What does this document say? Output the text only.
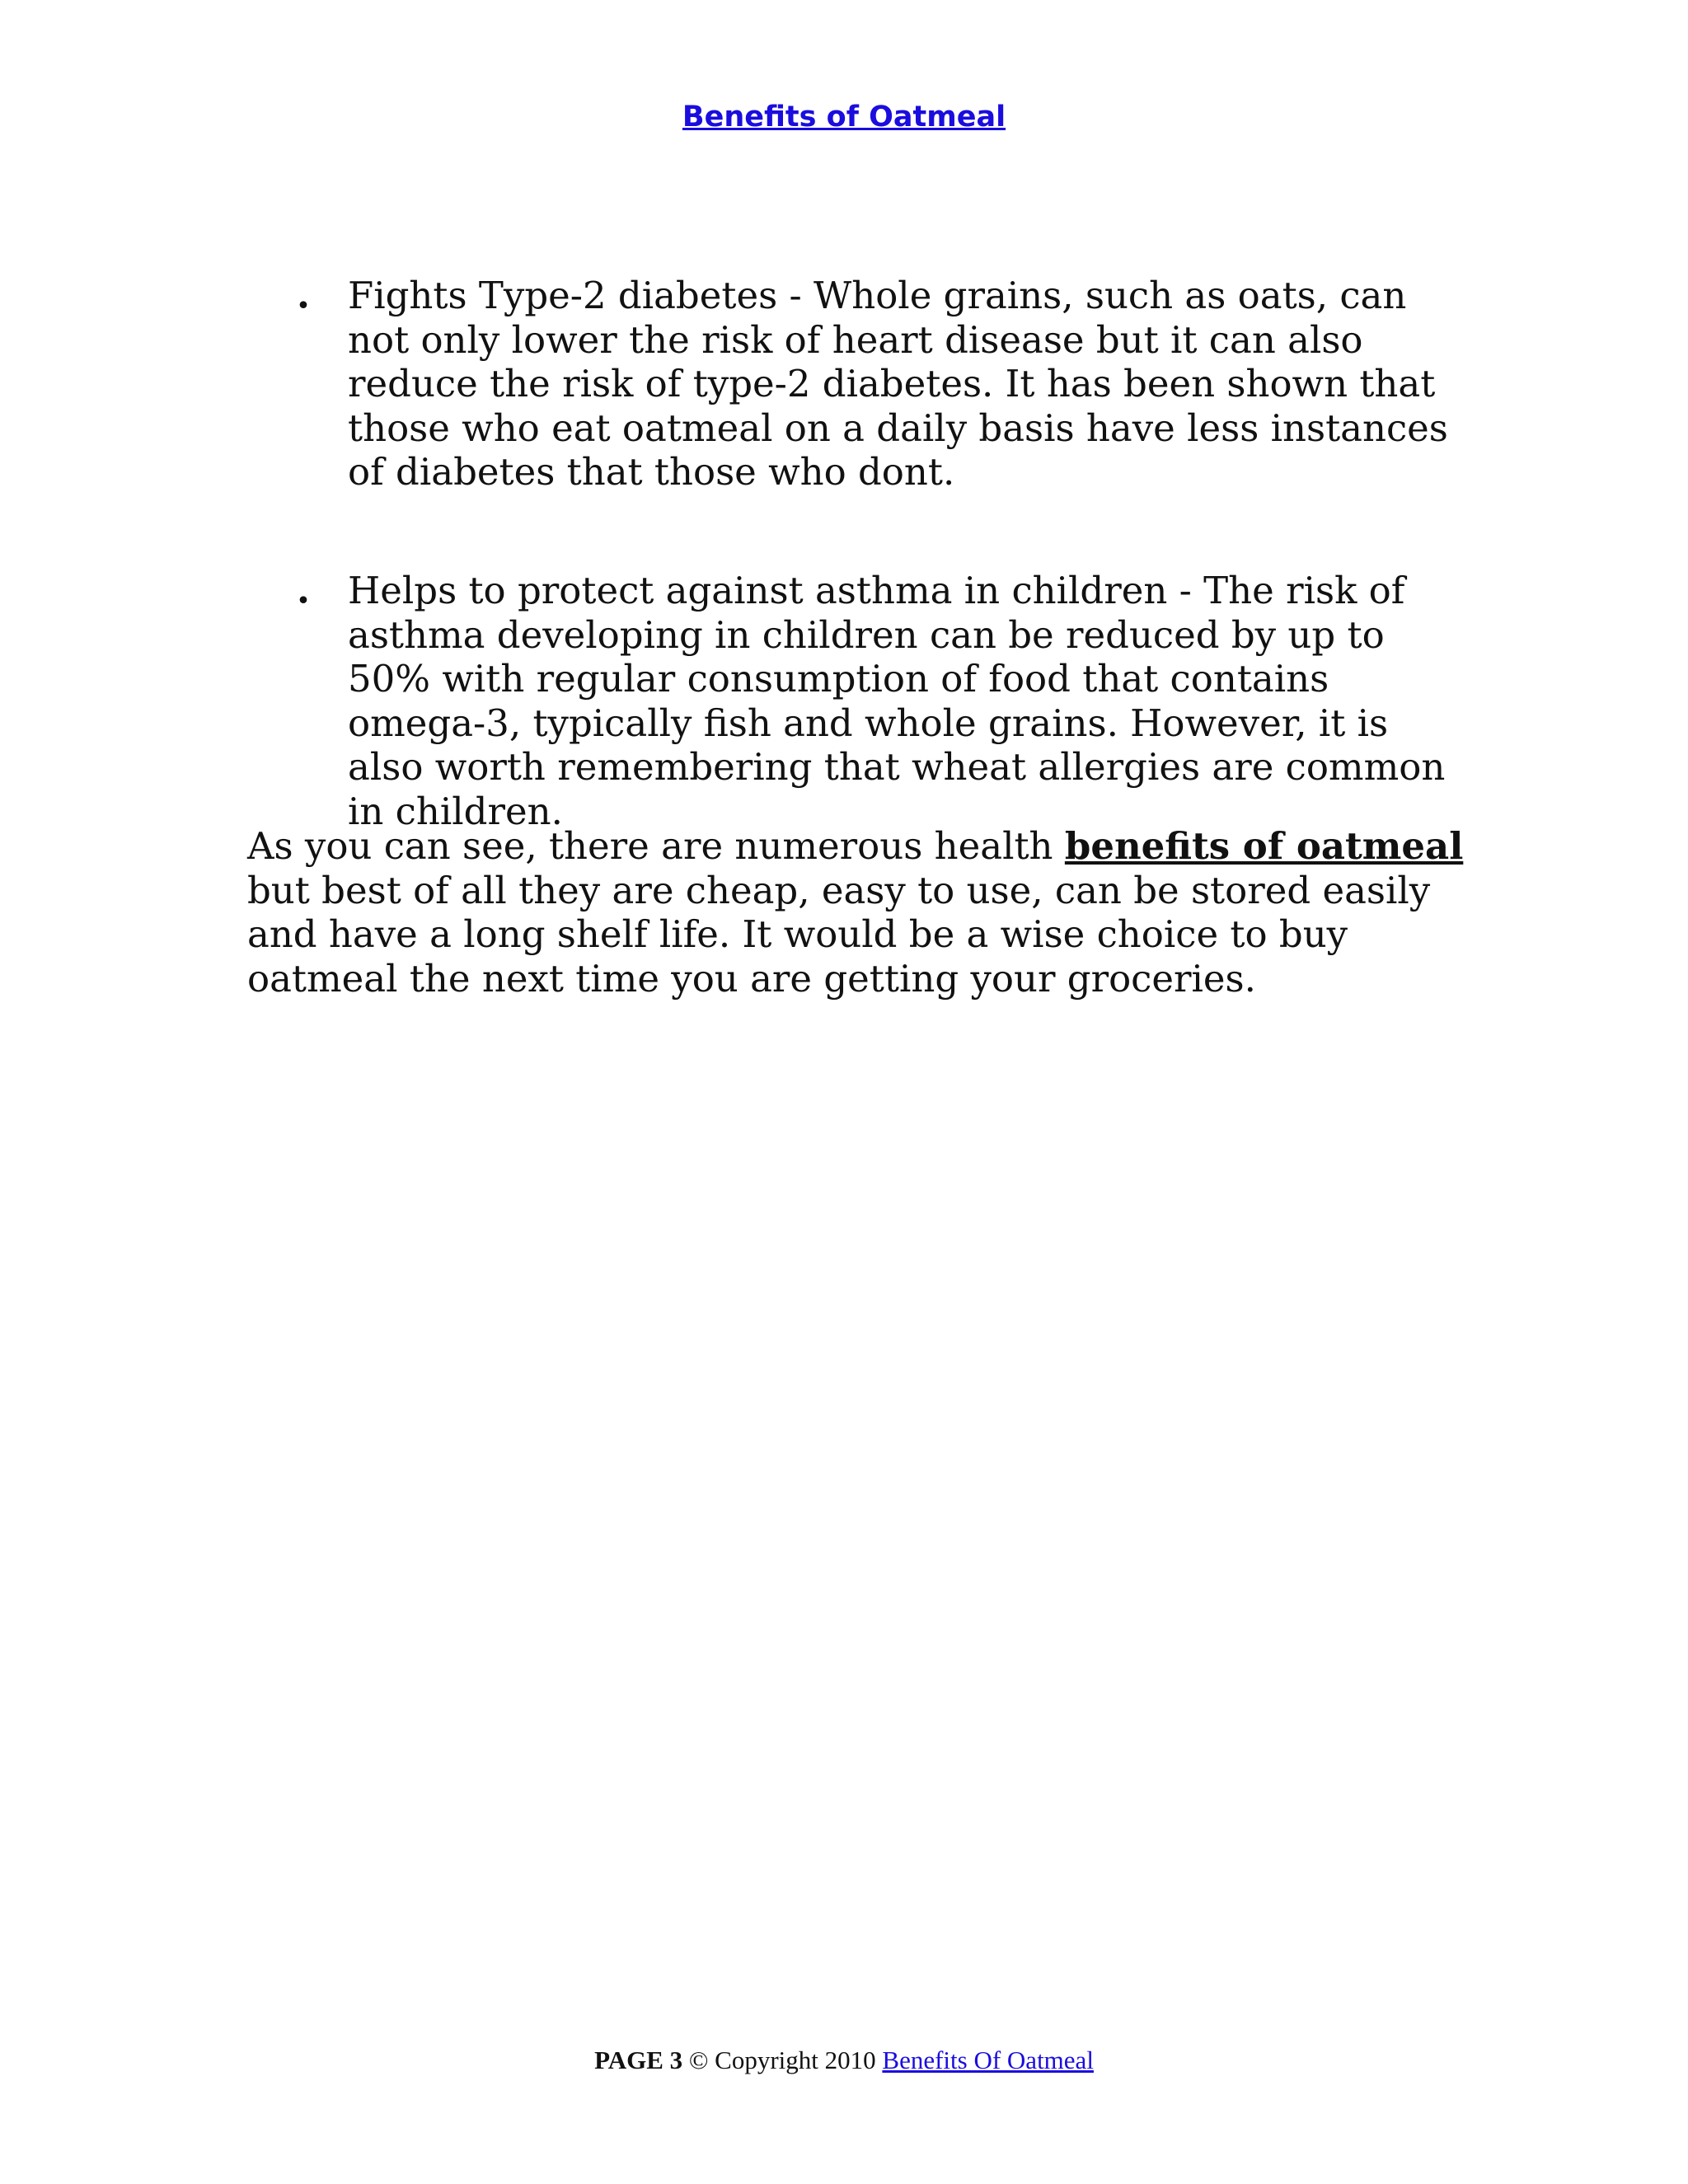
Benefits of Oatmeal
• Fights Type-2 diabetes - Whole grains, such as oats, can not only lower the risk of heart disease but it can also reduce the risk of type-2 diabetes. It has been shown that those who eat oatmeal on a daily basis have less instances of diabetes that those who dont.
• Helps to protect against asthma in children - The risk of asthma developing in children can be reduced by up to 50% with regular consumption of food that contains omega-3, typically fish and whole grains. However, it is also worth remembering that wheat allergies are common in children.

As you can see, there are numerous health benefits of oatmeal but best of all they are cheap, easy to use, can be stored easily and have a long shelf life. It would be a wise choice to buy oatmeal the next time you are getting your groceries.

PAGE 3 © Copyright 2010 Benefits Of Oatmeal
